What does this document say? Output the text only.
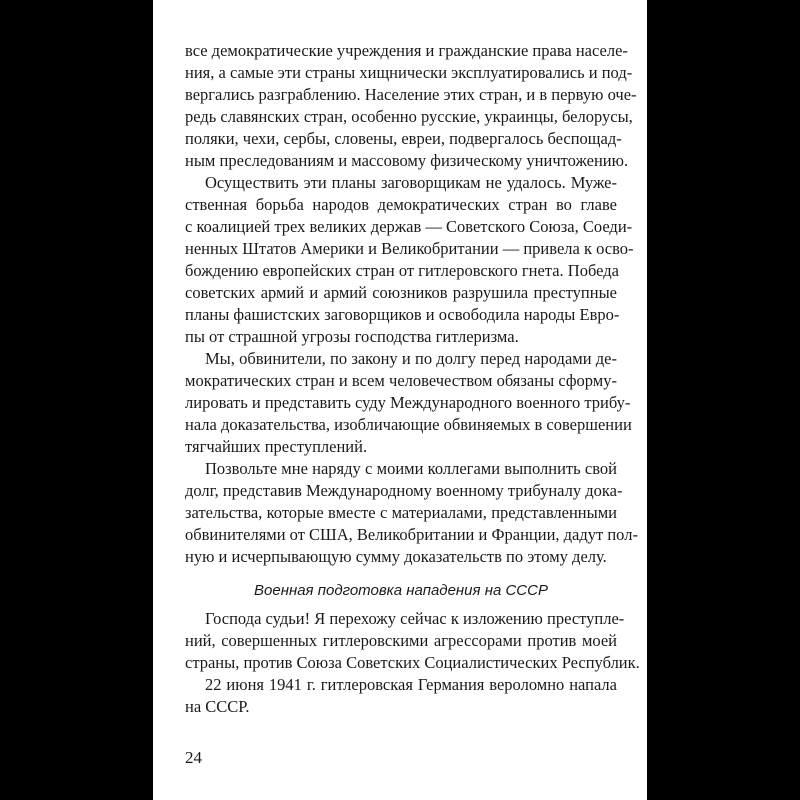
все демократические учреждения и гражданские права населе-
ния, а самые эти страны хищнически эксплуатировались и под-
вергались разграблению. Население этих стран, и в первую оче-
редь славянских стран, особенно русские, украинцы, белорусы,
поляки, чехи, сербы, словены, евреи, подвергалось беспощад-
ным преследованиям и массовому физическому уничтожению.
Осуществить эти планы заговорщикам не удалось. Муже-
ственная борьба народов демократических стран во главе
с коалицией трех великих держав — Советского Союза, Соеди-
ненных Штатов Америки и Великобритании — привела к осво-
бождению европейских стран от гитлеровского гнета. Победа
советских армий и армий союзников разрушила преступные
планы фашистских заговорщиков и освободила народы Евро-
пы от страшной угрозы господства гитлеризма.
Мы, обвинители, по закону и по долгу перед народами де-
мократических стран и всем человечеством обязаны сформу-
лировать и представить суду Международного военного трибу-
нала доказательства, изобличающие обвиняемых в совершении
тягчайших преступлений.
Позвольте мне наряду с моими коллегами выполнить свой
долг, представив Международному военному трибуналу дока-
зательства, которые вместе с материалами, представленными
обвинителями от США, Великобритании и Франции, дадут пол-
ную и исчерпывающую сумму доказательств по этому делу.
Военная подготовка нападения на СССР
Господа судьи! Я перехожу сейчас к изложению преступле-
ний, совершенных гитлеровскими агрессорами против моей
страны, против Союза Советских Социалистических Республик.
22 июня 1941 г. гитлеровская Германия вероломно напала
на СССР.
24
